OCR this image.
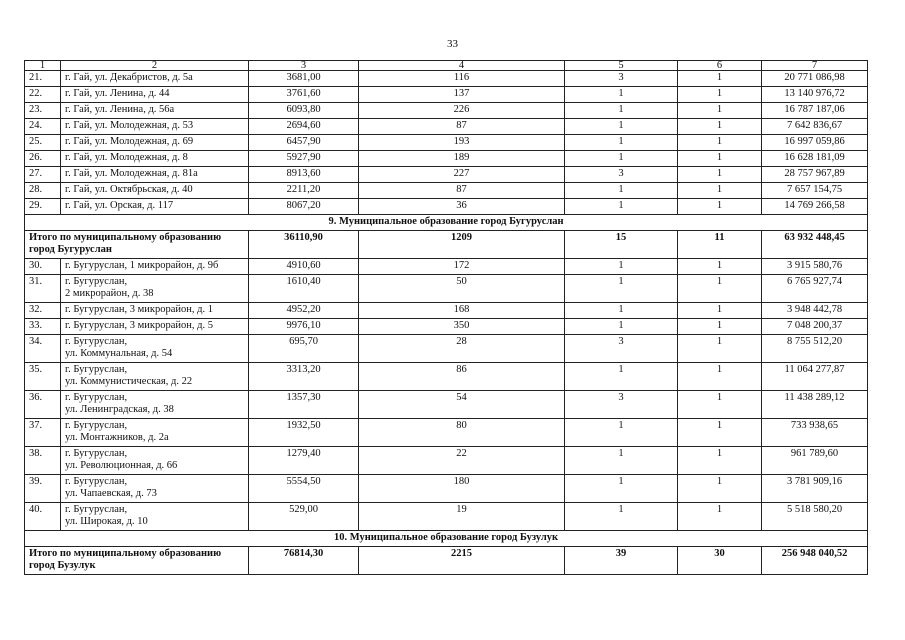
33
1	2	3	4	5	6	7
21.	г. Гай, ул. Декабристов, д. 5а	3681,00	116	3	1	20 771 086,98
22.	г. Гай, ул. Ленина, д. 44	3761,60	137	1	1	13 140 976,72
23.	г. Гай, ул. Ленина, д. 56а	6093,80	226	1	1	16 787 187,06
24.	г. Гай, ул. Молодежная, д. 53	2694,60	87	1	1	7 642 836,67
25.	г. Гай, ул. Молодежная, д. 69	6457,90	193	1	1	16 997 059,86
26.	г. Гай, ул. Молодежная, д. 8	5927,90	189	1	1	16 628 181,09
27.	г. Гай, ул. Молодежная, д. 81а	8913,60	227	3	1	28 757 967,89
28.	г. Гай, ул. Октябрьская, д. 40	2211,20	87	1	1	7 657 154,75
29.	г. Гай, ул. Орская, д. 117	8067,20	36	1	1	14 769 266,58
9. Муниципальное образование город Бугуруслан						
Итого по муниципальному образованию город Бугуруслан		36110,90	1209	15	11	63 932 448,45
30.	г. Бугуруслан, 1 микрорайон, д. 9б	4910,60	172	1	1	3 915 580,76
31.	г. Бугуруслан,
2 микрорайон, д. 38	1610,40	50	1	1	6 765 927,74
32.	г. Бугуруслан, 3 микрорайон, д. 1	4952,20	168	1	1	3 948 442,78
33.	г. Бугуруслан, 3 микрорайон, д. 5	9976,10	350	1	1	7 048 200,37
34.	г. Бугуруслан,
ул. Коммунальная, д. 54	695,70	28	3	1	8 755 512,20
35.	г. Бугуруслан,
ул. Коммунистическая, д. 22	3313,20	86	1	1	11 064 277,87
36.	г. Бугуруслан,
ул. Ленинградская, д. 38	1357,30	54	3	1	11 438 289,12
37.	г. Бугуруслан,
ул. Монтажников, д. 2а	1932,50	80	1	1	733 938,65
38.	г. Бугуруслан,
ул. Революционная, д. 66	1279,40	22	1	1	961 789,60
39.	г. Бугуруслан,
ул. Чапаевская, д. 73	5554,50	180	1	1	3 781 909,16
40.	г. Бугуруслан,
ул. Широкая, д. 10	529,00	19	1	1	5 518 580,20
10. Муниципальное образование город Бузулук						
Итого по муниципальному образованию город Бузулук		76814,30	2215	39	30	256 948 040,52
